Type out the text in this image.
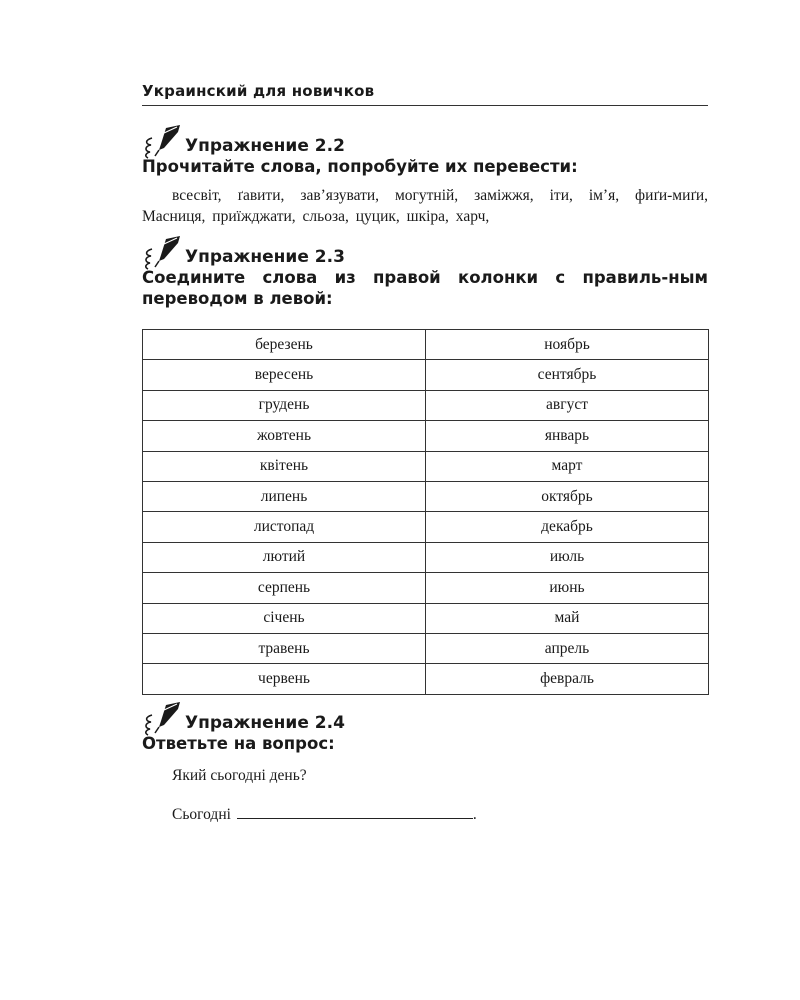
Украинский для новичков
Упражнение 2.2

Прочитайте слова, попробуйте их перевести:

всесвіт, ґавити, зав’язувати, могутній, заміжжя, іти, ім’я, фиґи-миґи, Масниця, приїжджати, сльоза, цуцик, шкіра, харч,

Упражнение 2.3

Соедините слова из правой колонки с правиль-ным переводом в левой:

березень	ноябрь
вересень	сентябрь
грудень	август
жовтень	январь
квітень	март
липень	октябрь
листопад	декабрь
лютий	июль
серпень	июнь
січень	май
травень	апрель
червень	февраль
Упражнение 2.4

Ответьте на вопрос:

Який сьогодні день?

Сьогодні	.
